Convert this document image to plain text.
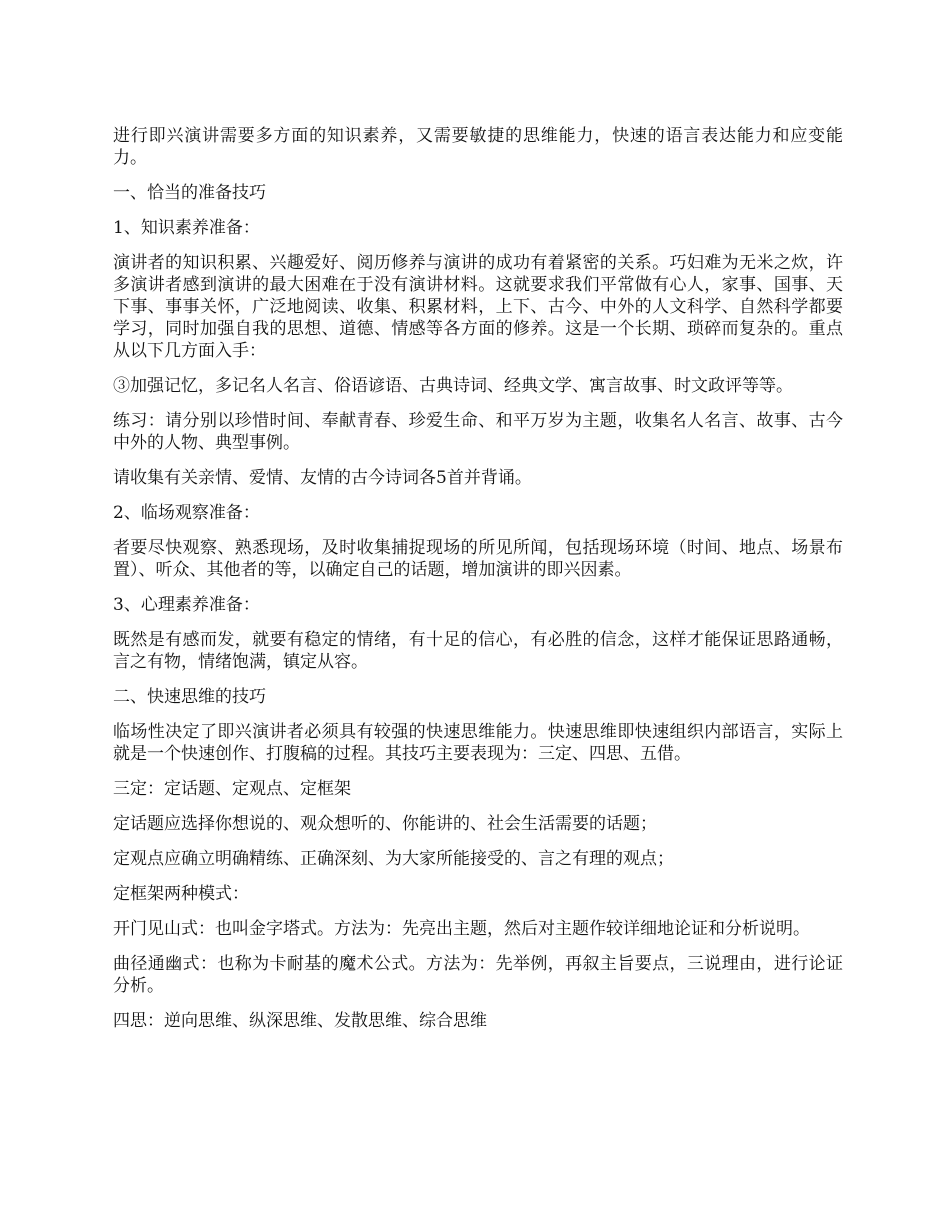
进行即兴演讲需要多方面的知识素养，又需要敏捷的思维能力，快速的语言表达能力和应变能力。

一、恰当的准备技巧

1、知识素养准备：

演讲者的知识积累、兴趣爱好、阅历修养与演讲的成功有着紧密的关系。巧妇难为无米之炊，许多演讲者感到演讲的最大困难在于没有演讲材料。这就要求我们平常做有心人，家事、国事、天下事、事事关怀，广泛地阅读、收集、积累材料，上下、古今、中外的人文科学、自然科学都要学习，同时加强自我的思想、道德、情感等各方面的修养。这是一个长期、琐碎而复杂的。重点从以下几方面入手：

③加强记忆，多记名人名言、俗语谚语、古典诗词、经典文学、寓言故事、时文政评等等。

练习：请分别以珍惜时间、奉献青春、珍爱生命、和平万岁为主题，收集名人名言、故事、古今中外的人物、典型事例。

请收集有关亲情、爱情、友情的古今诗词各5首并背诵。

2、临场观察准备：

者要尽快观察、熟悉现场，及时收集捕捉现场的所见所闻，包括现场环境（时间、地点、场景布置）、听众、其他者的等，以确定自己的话题，增加演讲的即兴因素。

3、心理素养准备：

既然是有感而发，就要有稳定的情绪，有十足的信心，有必胜的信念，这样才能保证思路通畅，言之有物，情绪饱满，镇定从容。

二、快速思维的技巧

临场性决定了即兴演讲者必须具有较强的快速思维能力。快速思维即快速组织内部语言，实际上就是一个快速创作、打腹稿的过程。其技巧主要表现为：三定、四思、五借。

三定：定话题、定观点、定框架

定话题应选择你想说的、观众想听的、你能讲的、社会生活需要的话题；

定观点应确立明确精练、正确深刻、为大家所能接受的、言之有理的观点；

定框架两种模式：

开门见山式：也叫金字塔式。方法为：先亮出主题，然后对主题作较详细地论证和分析说明。

曲径通幽式：也称为卡耐基的魔术公式。方法为：先举例，再叙主旨要点，三说理由，进行论证分析。

四思：逆向思维、纵深思维、发散思维、综合思维
